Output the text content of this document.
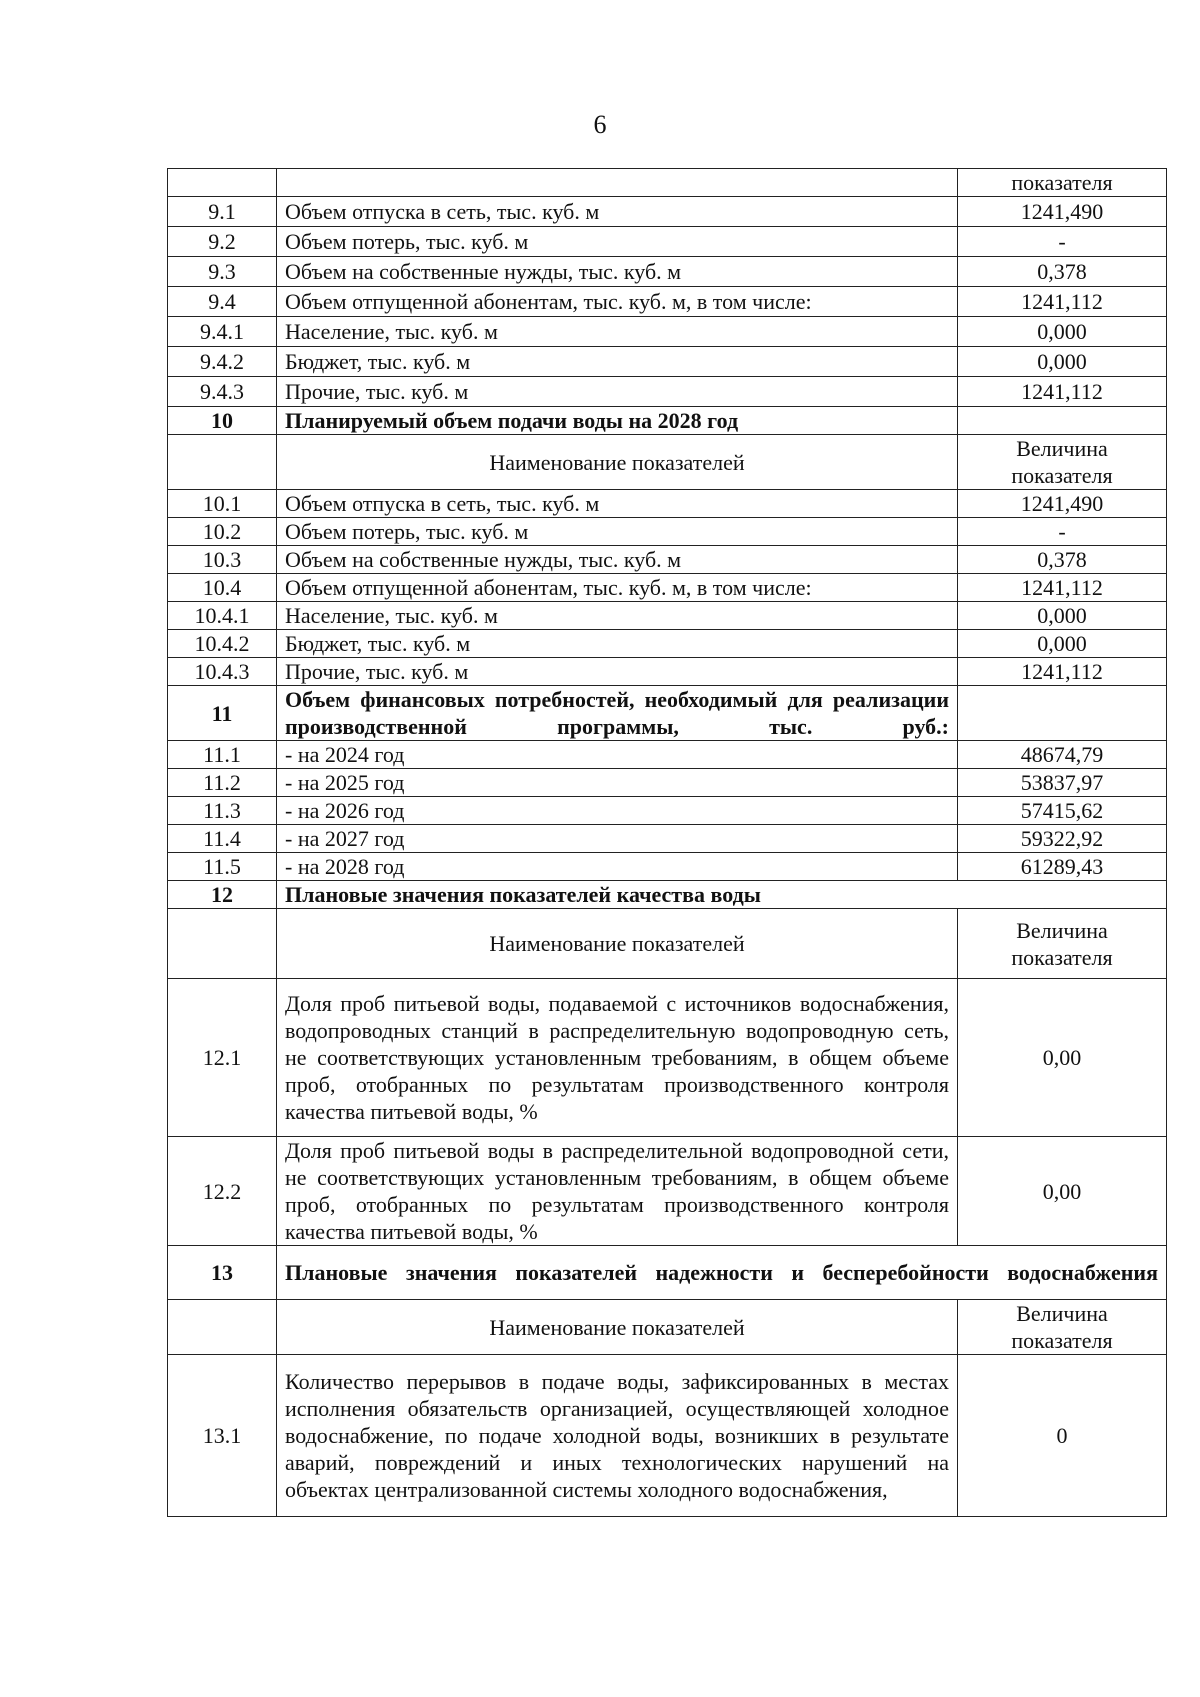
6
		показателя
9.1	Объем отпуска в сеть, тыс. куб. м	1241,490
9.2	Объем потерь, тыс. куб. м	-
9.3	Объем на собственные нужды, тыс. куб. м	0,378
9.4	Объем отпущенной абонентам, тыс. куб. м, в том числе:	1241,112
9.4.1	Население, тыс. куб. м	0,000
9.4.2	Бюджет, тыс. куб. м	0,000
9.4.3	Прочие, тыс. куб. м	1241,112
10	Планируемый объем подачи воды на 2028 год	
	Наименование показателей	Величина
показателя
10.1	Объем отпуска в сеть, тыс. куб. м	1241,490
10.2	Объем потерь, тыс. куб. м	-
10.3	Объем на собственные нужды, тыс. куб. м	0,378
10.4	Объем отпущенной абонентам, тыс. куб. м, в том числе:	1241,112
10.4.1	Население, тыс. куб. м	0,000
10.4.2	Бюджет, тыс. куб. м	0,000
10.4.3	Прочие, тыс. куб. м	1241,112
11	Объем финансовых потребностей, необходимый для реализации производственной программы, тыс. руб.:	
11.1	- на 2024 год	48674,79
11.2	- на 2025 год	53837,97
11.3	- на 2026 год	57415,62
11.4	- на 2027 год	59322,92
11.5	- на 2028 год	61289,43
12	Плановые значения показателей качества воды	
	Наименование показателей	Величина
показателя
12.1	Доля проб питьевой воды, подаваемой с источников водоснабжения, водопроводных станций в распределительную водопроводную сеть, не соответствующих установленным требованиям, в общем объеме проб, отобранных по результатам производственного контроля качества питьевой воды, %	0,00
12.2	Доля проб питьевой воды в распределительной водопроводной сети, не соответствующих установленным требованиям, в общем объеме проб, отобранных по результатам производственного контроля качества питьевой воды, %	0,00
13	Плановые значения показателей надежности и бесперебойности водоснабжения	
	Наименование показателей	Величина
показателя
13.1	Количество перерывов в подаче воды, зафиксированных в местах исполнения обязательств организацией, осуществляющей холодное водоснабжение, по подаче холодной воды, возникших в результате аварий, повреждений и иных технологических нарушений на объектах централизованной системы холодного водоснабжения,	0
